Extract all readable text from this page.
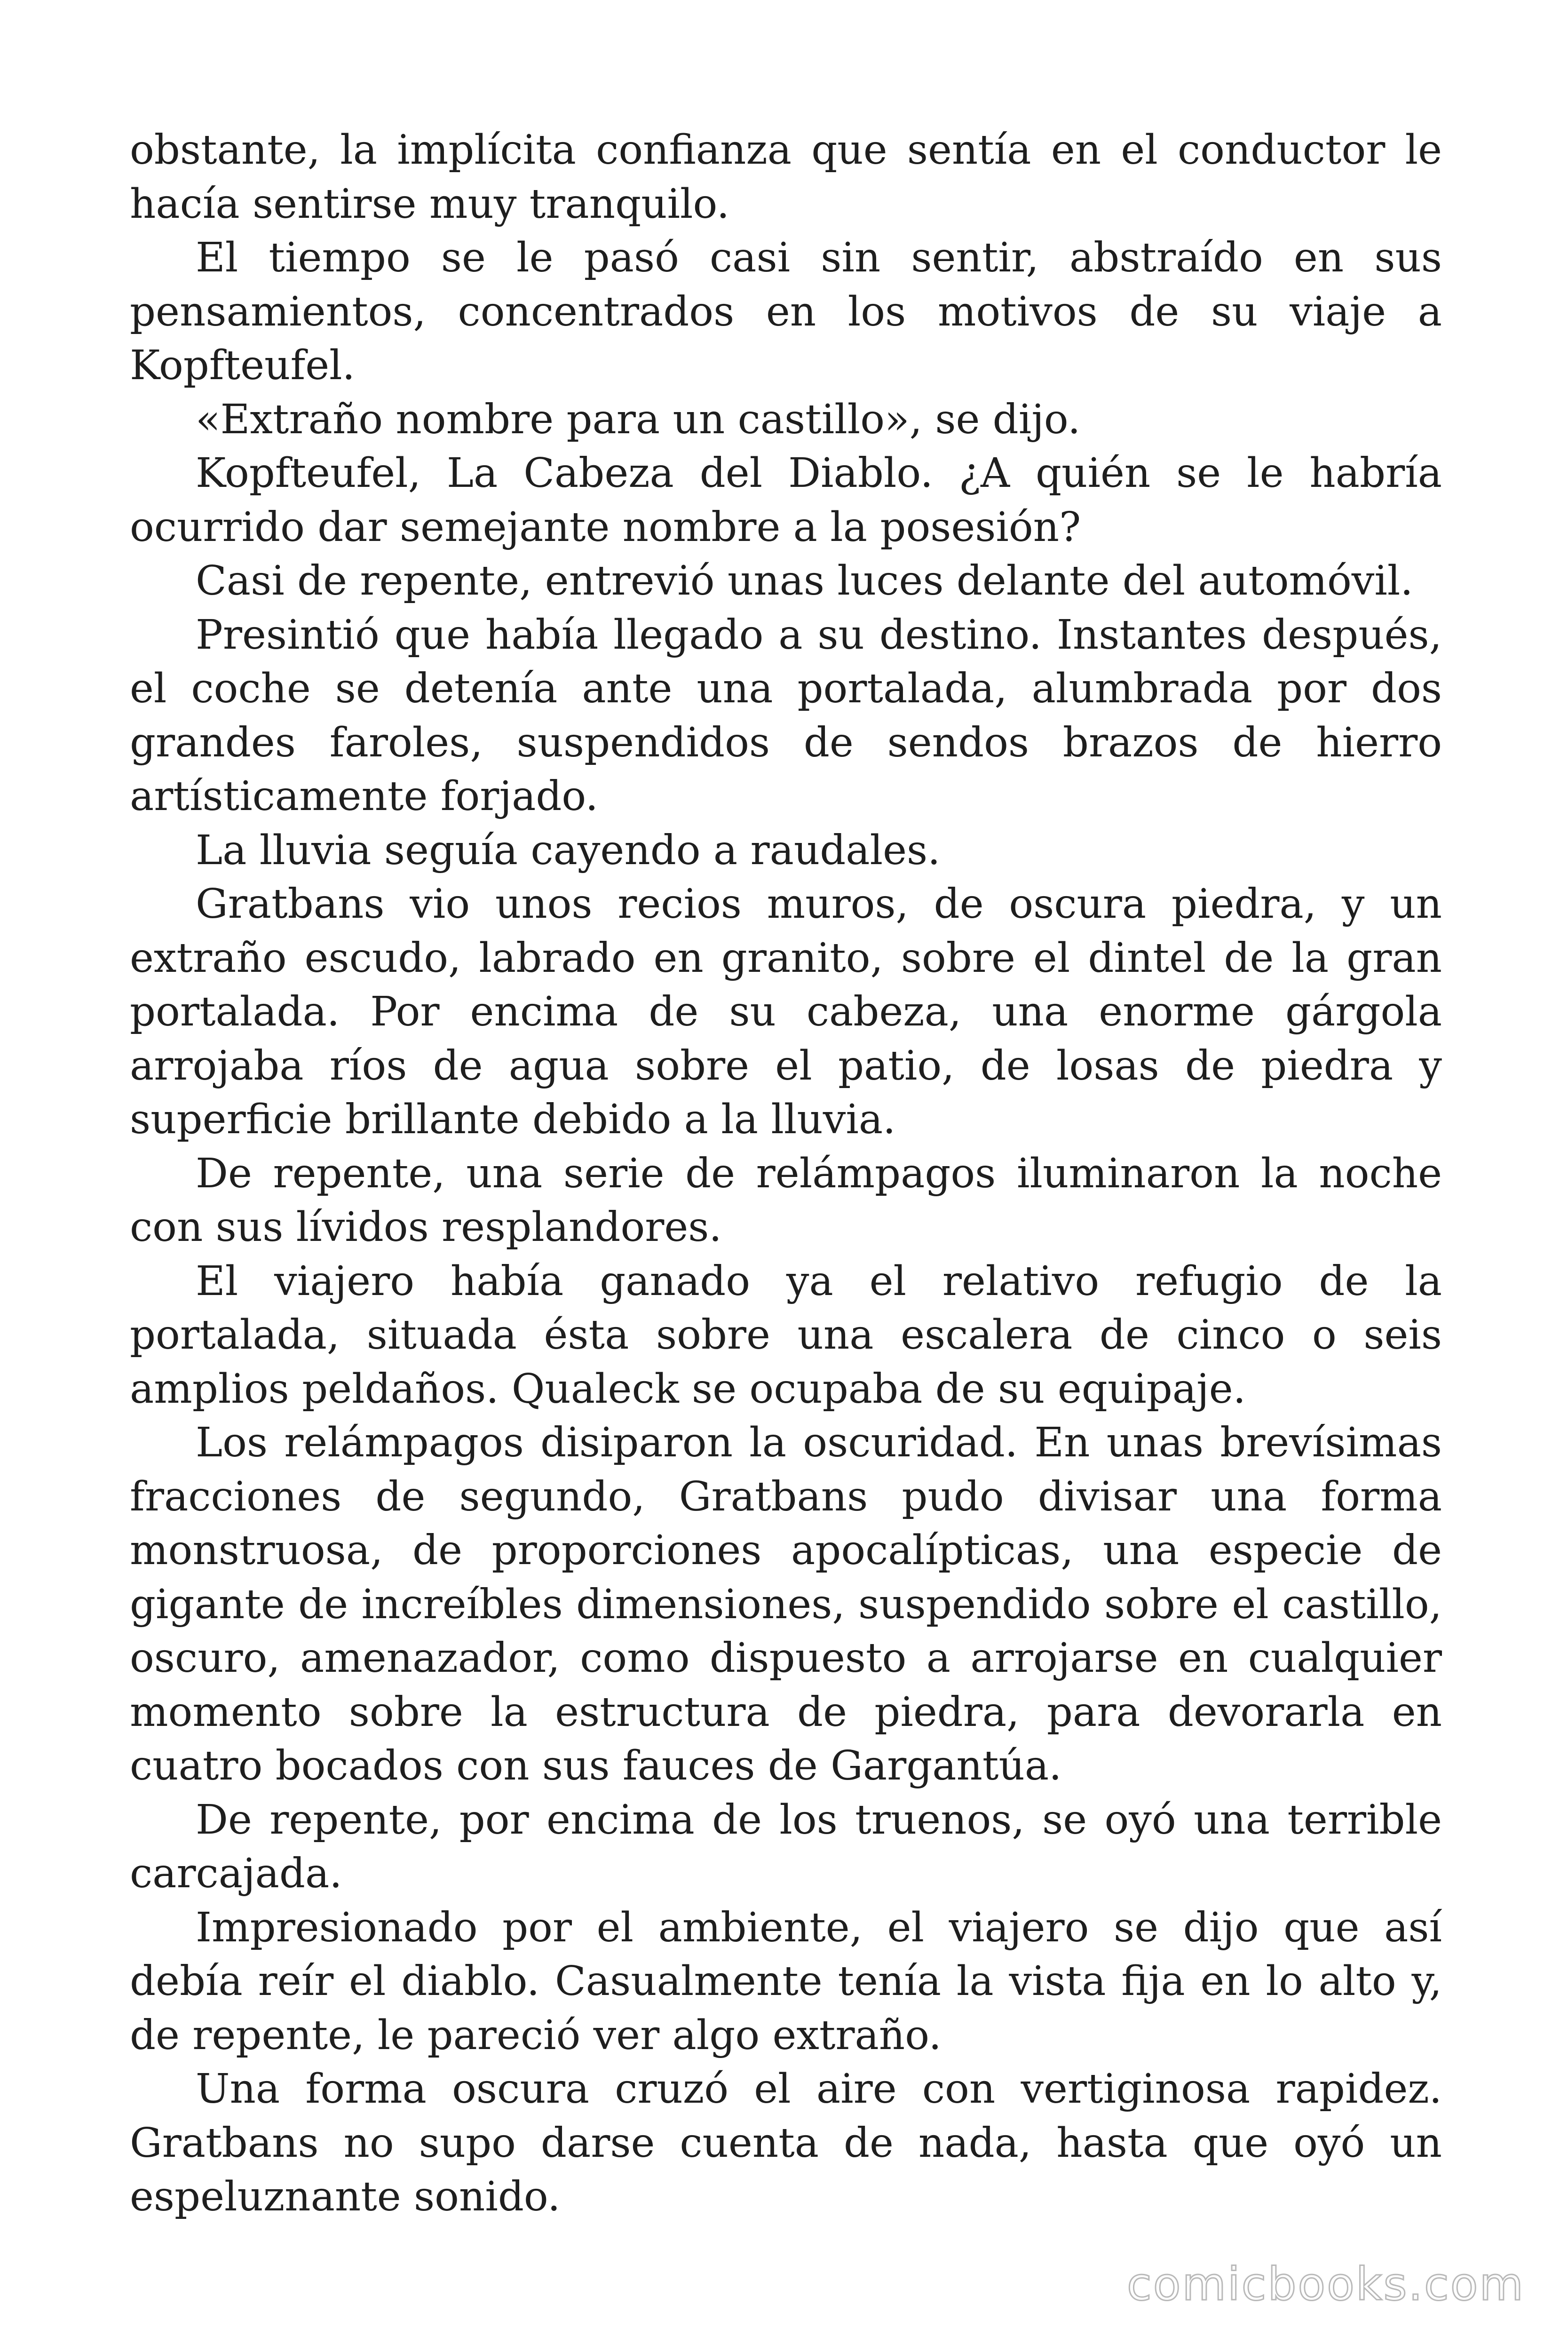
obstante, la implícita confianza que sentía en el conductor le hacía sentirse muy tranquilo.

El tiempo se le pasó casi sin sentir, abstraído en sus pensamientos, concentrados en los motivos de su viaje a Kopfteufel.

«Extraño nombre para un castillo», se dijo.

Kopfteufel, La Cabeza del Diablo. ¿A quién se le habría ocurrido dar semejante nombre a la posesión?

Casi de repente, entrevió unas luces delante del automóvil.

Presintió que había llegado a su destino. Instantes después, el coche se detenía ante una portalada, alumbrada por dos grandes faroles, suspendidos de sendos brazos de hierro artísticamente forjado.

La lluvia seguía cayendo a raudales.

Gratbans vio unos recios muros, de oscura piedra, y un extraño escudo, labrado en granito, sobre el dintel de la gran portalada. Por encima de su cabeza, una enorme gárgola arrojaba ríos de agua sobre el patio, de losas de piedra y superficie brillante debido a la lluvia.

De repente, una serie de relámpagos iluminaron la noche con sus lívidos resplandores.

El viajero había ganado ya el relativo refugio de la portalada, situada ésta sobre una escalera de cinco o seis amplios peldaños. Qualeck se ocupaba de su equipaje.

Los relámpagos disiparon la oscuridad. En unas brevísimas fracciones de segundo, Gratbans pudo divisar una forma monstruosa, de proporciones apocalípticas, una especie de gigante de increíbles dimensiones, suspendido sobre el castillo, oscuro, amenazador, como dispuesto a arrojarse en cualquier momento sobre la estructura de piedra, para devorarla en cuatro bocados con sus fauces de Gargantúa.

De repente, por encima de los truenos, se oyó una terrible carcajada.

Impresionado por el ambiente, el viajero se dijo que así debía reír el diablo. Casualmente tenía la vista fija en lo alto y, de repente, le pareció ver algo extraño.

Una forma oscura cruzó el aire con vertiginosa rapidez. Gratbans no supo darse cuenta de nada, hasta que oyó un espeluznante sonido.

comicbooks.com
